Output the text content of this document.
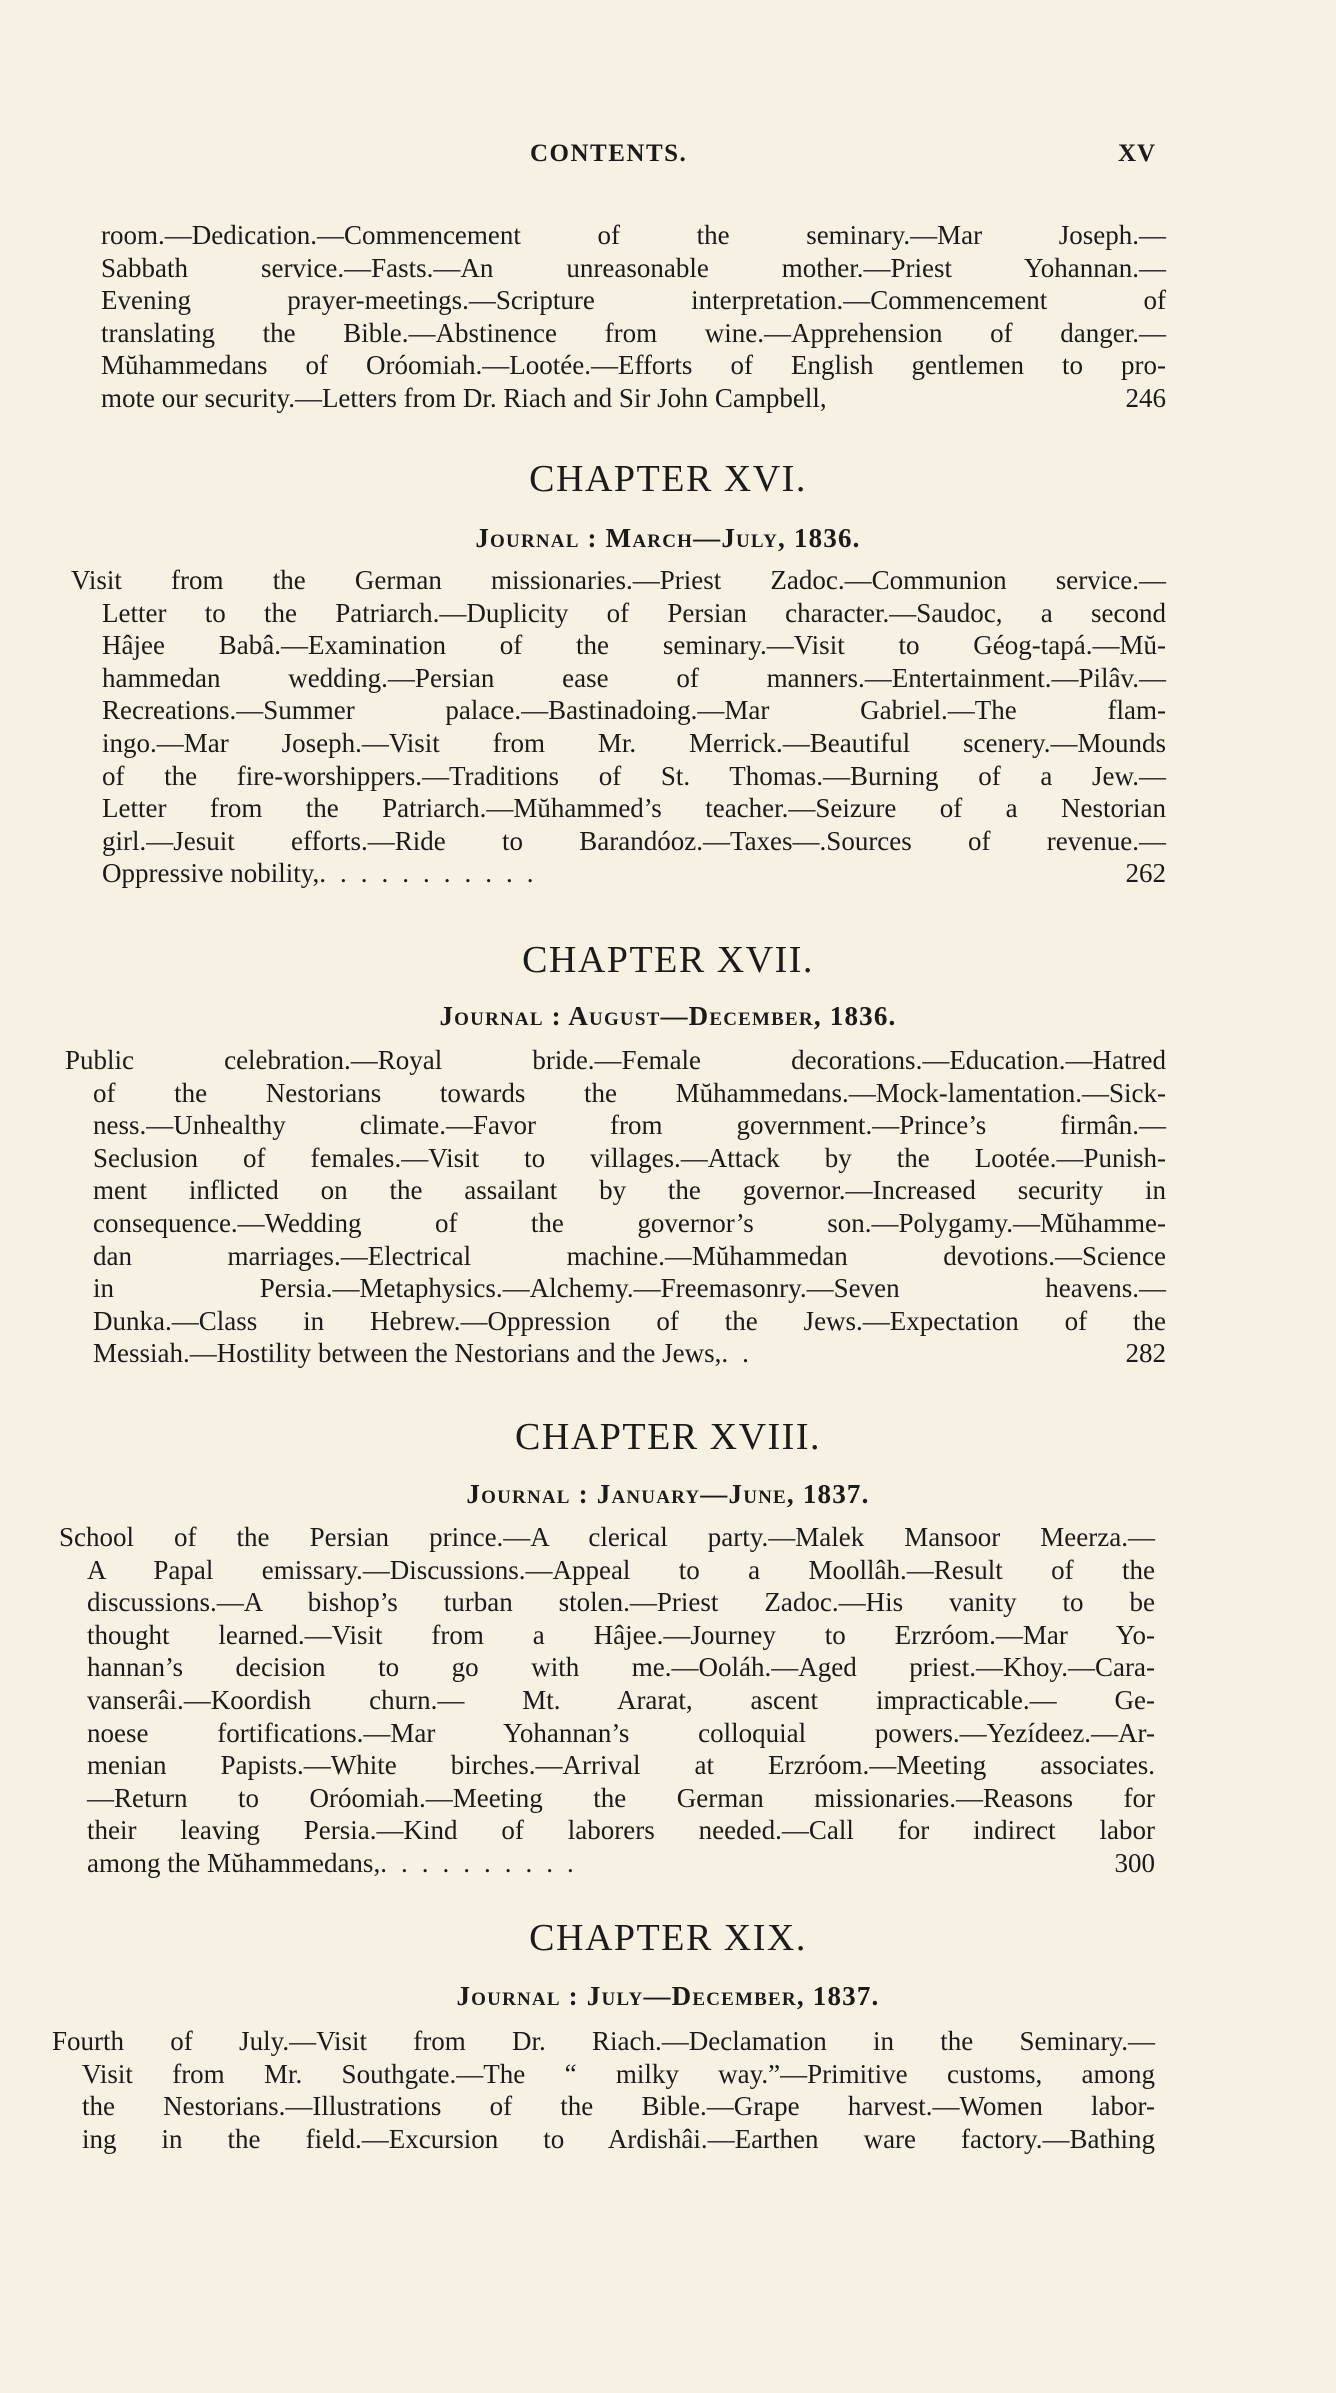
CONTENTS.	XV
room.—Dedication.—Commencement of the seminary.—Mar Joseph.—
Sabbath service.—Fasts.—An unreasonable mother.—Priest Yohannan.—
Evening prayer-meetings.—Scripture interpretation.—Commencement of
translating the Bible.—Abstinence from wine.—Apprehension of danger.—
Mŭhammedans of Oróomiah.—Lootée.—Efforts of English gentlemen to pro-
mote our security.—Letters from Dr. Riach and Sir John Campbell,	246
CHAPTER XVI.
Journal : March—July, 1836.
Visit from the German missionaries.—Priest Zadoc.—Communion service.—
Letter to the Patriarch.—Duplicity of Persian character.—Saudoc, a second
Hâjee Babâ.—Examination of the seminary.—Visit to Géog-tapá.—Mŭ-
hammedan wedding.—Persian ease of manners.—Entertainment.—Pilâv.—
Recreations.—Summer palace.—Bastinadoing.—Mar Gabriel.—The flam-
ingo.—Mar Joseph.—Visit from Mr. Merrick.—Beautiful scenery.—Mounds
of the fire-worshippers.—Traditions of St. Thomas.—Burning of a Jew.—
Letter from the Patriarch.—Mŭhammed’s teacher.—Seizure of a Nestorian
girl.—Jesuit efforts.—Ride to Barandóoz.—Taxes—.Sources of revenue.—
Oppressive nobility, ...........	262
CHAPTER XVII.
Journal : August—December, 1836.
Public celebration.—Royal bride.—Female decorations.—Education.—Hatred
of the Nestorians towards the Mŭhammedans.—Mock-lamentation.—Sick-
ness.—Unhealthy climate.—Favor from government.—Prince’s firmân.—
Seclusion of females.—Visit to villages.—Attack by the Lootée.—Punish-
ment inflicted on the assailant by the governor.—Increased security in
consequence.—Wedding of the governor’s son.—Polygamy.—Mŭhamme-
dan marriages.—Electrical machine.—Mŭhammedan devotions.—Science
in Persia.—Metaphysics.—Alchemy.—Freemasonry.—Seven heavens.—
Dunka.—Class in Hebrew.—Oppression of the Jews.—Expectation of the
Messiah.—Hostility between the Nestorians and the Jews, ..	282
CHAPTER XVIII.
Journal : January—June, 1837.
School of the Persian prince.—A clerical party.—Malek Mansoor Meerza.—
A Papal emissary.—Discussions.—Appeal to a Moollâh.—Result of the
discussions.—A bishop’s turban stolen.—Priest Zadoc.—His vanity to be
thought learned.—Visit from a Hâjee.—Journey to Erzróom.—Mar Yo-
hannan’s decision to go with me.—Ooláh.—Aged priest.—Khoy.—Cara-
vanserâi.—Koordish churn.— Mt. Ararat, ascent impracticable.— Ge-
noese fortifications.—Mar Yohannan’s colloquial powers.—Yezídeez.—Ar-
menian Papists.—White birches.—Arrival at Erzróom.—Meeting associates.
—Return to Oróomiah.—Meeting the German missionaries.—Reasons for
their leaving Persia.—Kind of laborers needed.—Call for indirect labor
among the Mŭhammedans, ..........	300
CHAPTER XIX.
Journal : July—December, 1837.
Fourth of July.—Visit from Dr. Riach.—Declamation in the Seminary.—
Visit from Mr. Southgate.—The “ milky way.”—Primitive customs, among
the Nestorians.—Illustrations of the Bible.—Grape harvest.—Women labor-
ing in the field.—Excursion to Ardishâi.—Earthen ware factory.—Bathing
